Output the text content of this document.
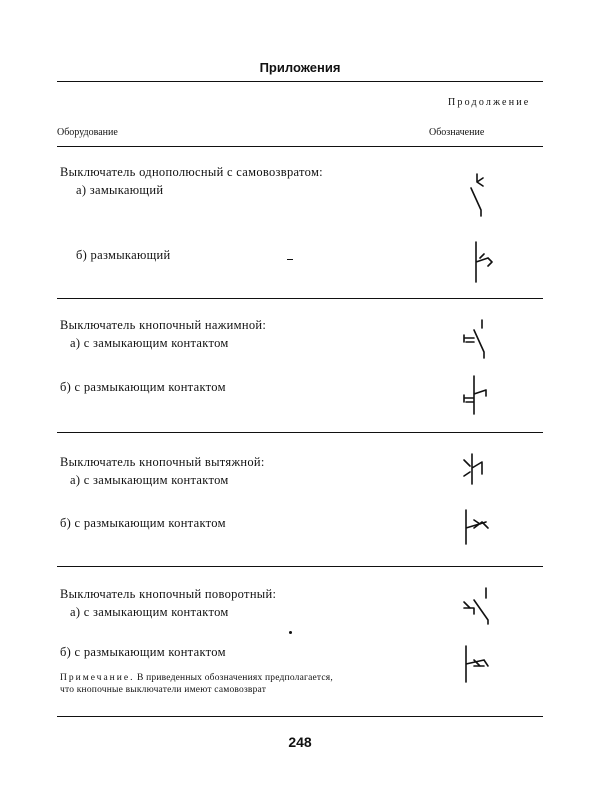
Приложения
Продолжение
Оборудование	Обозначение
Выключатель однополюсный с самовозвратом:
а) замыкающий
б) размыкающий
Выключатель кнопочный нажимной:
а) с замыкающим контактом
б) с размыкающим контактом
Выключатель кнопочный вытяжной:
а) с замыкающим контактом
б) с размыкающим контактом
Выключатель кнопочный поворотный:
а) с замыкающим контактом
б) с размыкающим контактом
Примечание. В приведенных обозначениях предполагается,
что кнопочные выключатели имеют самовозврат
248
